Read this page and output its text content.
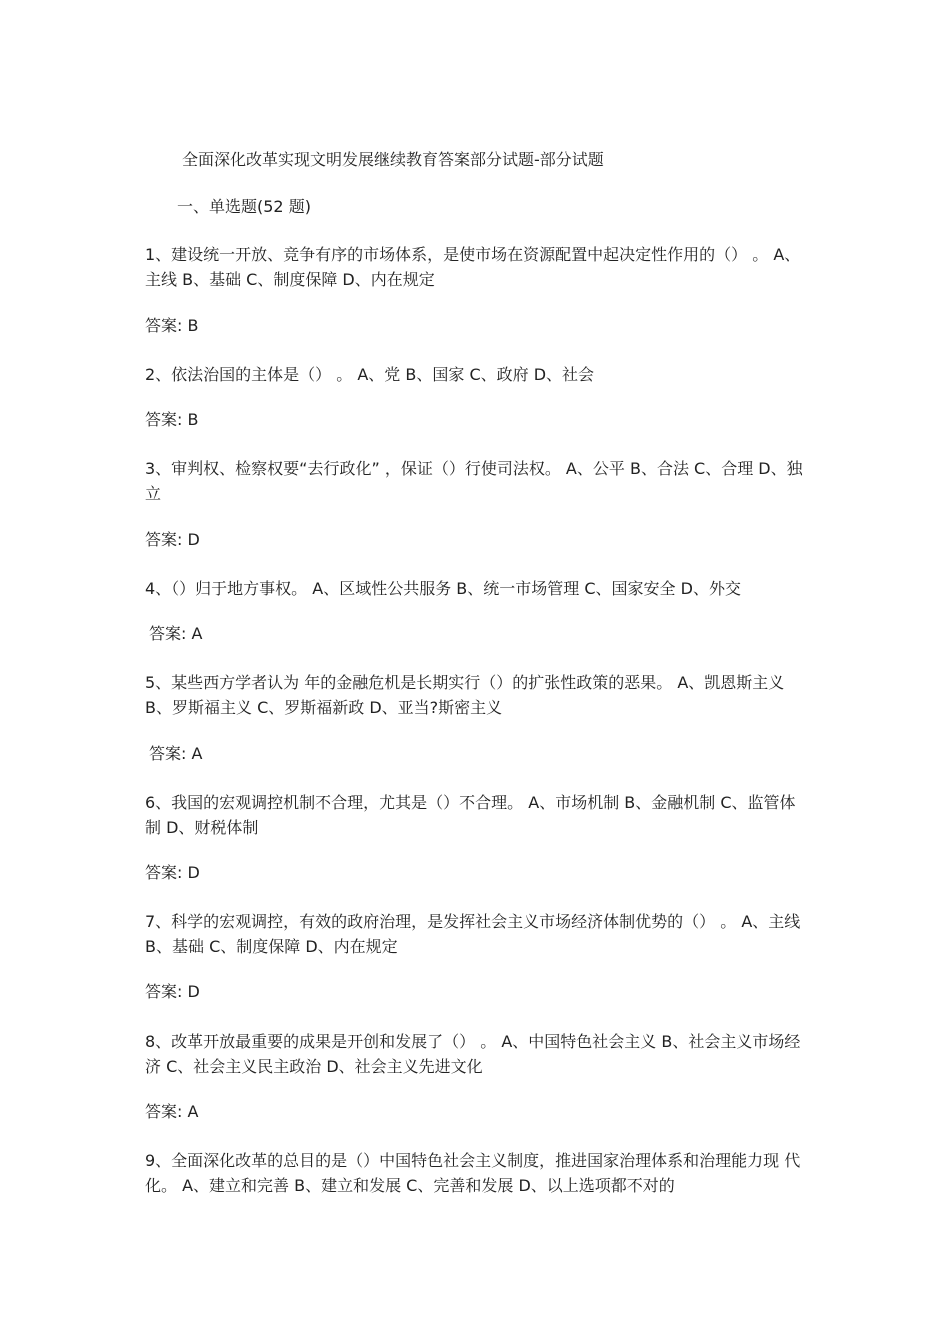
全面深化改革实现文明发展继续教育答案部分试题-部分试题
一、单选题(52 题)

1、建设统一开放、竞争有序的市场体系，是使市场在资源配置中起决定性作用的（） 。 A、主线 B、基础 C、制度保障 D、内在规定

答案: B

2、依法治国的主体是（） 。 A、党 B、国家 C、政府 D、社会

答案: B

3、审判权、检察权要“去行政化” ，保证（）行使司法权。 A、公平 B、合法 C、合理 D、独立

答案: D

4、（）归于地方事权。 A、区域性公共服务 B、统一市场管理 C、国家安全 D、外交

答案: A

5、某些西方学者认为 年的金融危机是长期实行（）的扩张性政策的恶果。 A、凯恩斯主义 B、罗斯福主义 C、罗斯福新政 D、亚当?斯密主义

答案: A

6、我国的宏观调控机制不合理，尤其是（）不合理。 A、市场机制 B、金融机制 C、监管体制 D、财税体制

答案: D

7、科学的宏观调控，有效的政府治理，是发挥社会主义市场经济体制优势的（） 。 A、主线 B、基础 C、制度保障 D、内在规定

答案: D

8、改革开放最重要的成果是开创和发展了（） 。 A、中国特色社会主义 B、社会主义市场经济 C、社会主义民主政治 D、社会主义先进文化

答案: A

9、全面深化改革的总目的是（）中国特色社会主义制度，推进国家治理体系和治理能力现 代化。 A、建立和完善 B、建立和发展 C、完善和发展 D、以上选项都不对的
